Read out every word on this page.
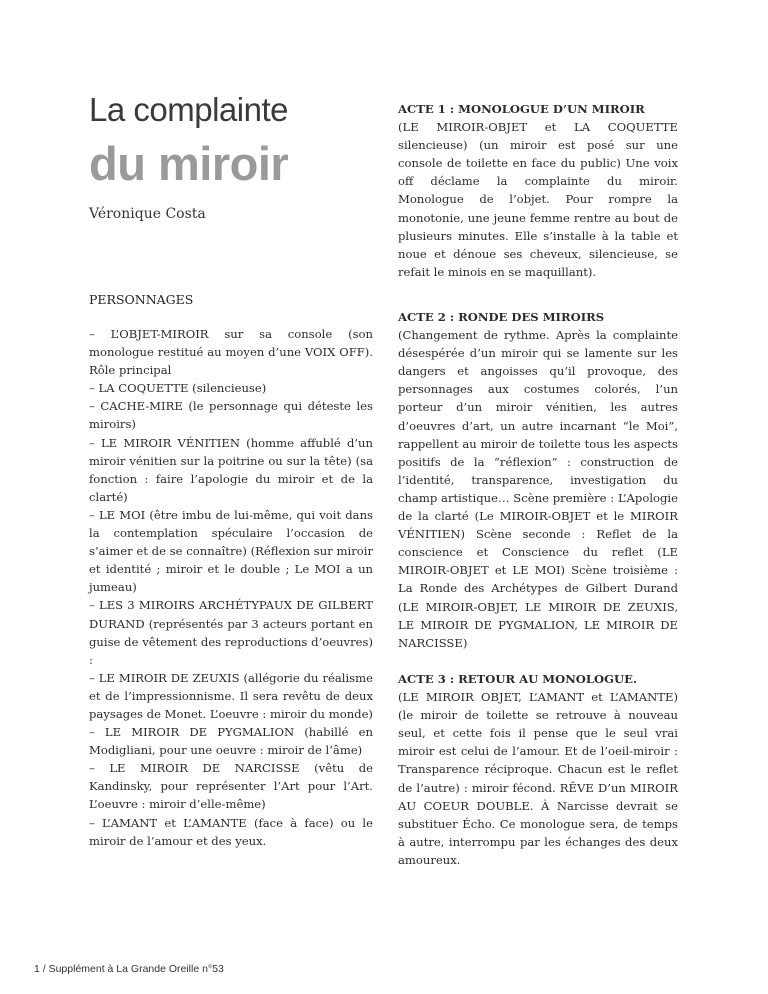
La complainte
du miroir
Véronique Costa
PERSONNAGES
– L’OBJET-MIROIR sur sa console (son monologue restitué au moyen d’une VOIX OFF). Rôle principal
– LA COQUETTE (silencieuse)
– CACHE-MIRE (le personnage qui déteste les miroirs)
– LE MIROIR VÉNITIEN (homme affublé d’un miroir vénitien sur la poitrine ou sur la tête) (sa fonction : faire l’apologie du miroir et de la clarté)
– LE MOI (être imbu de lui-même, qui voit dans la contemplation spéculaire l’occasion de s’aimer et de se connaître) (Réflexion sur miroir et identité ; miroir et le double ; Le MOI a un jumeau)
– LES 3 MIROIRS ARCHÉTYPAUX DE GILBERT DURAND (représentés par 3 acteurs portant en guise de vêtement des reproductions d’oeuvres) :
– LE MIROIR DE ZEUXIS (allégorie du réalisme et de l’impressionnisme. Il sera revêtu de deux paysages de Monet. L’oeuvre : miroir du monde)
– LE MIROIR DE PYGMALION (habillé en Modigliani, pour une oeuvre : miroir de l’âme)
– LE MIROIR DE NARCISSE (vêtu de Kandinsky, pour représenter l’Art pour l’Art. L’oeuvre : miroir d’elle-même)
– L’AMANT et L’AMANTE (face à face) ou le miroir de l’amour et des yeux.
ACTE 1 : MONOLOGUE D’UN MIROIR

(LE MIROIR-OBJET et LA COQUETTE silencieuse) (un miroir est posé sur une console de toilette en face du public) Une voix off déclame la complainte du miroir. Monologue de l’objet. Pour rompre la monotonie, une jeune femme rentre au bout de plusieurs minutes. Elle s’installe à la table et noue et dénoue ses cheveux, silencieuse, se refait le minois en se maquillant).

ACTE 2 : RONDE DES MIROIRS

(Changement de rythme. Après la complainte désespérée d’un miroir qui se lamente sur les dangers et angoisses qu’il provoque, des personnages aux costumes colorés, l’un porteur d’un miroir vénitien, les autres d’oeuvres d’art, un autre incarnant “le Moi”, rappellent au miroir de toilette tous les aspects positifs de la “réflexion” : construction de l’identité, transparence, investigation du champ artistique… Scène première : L’Apologie de la clarté (Le MIROIR-OBJET et le MIROIR VÉNITIEN) Scène seconde : Reflet de la conscience et Conscience du reflet (LE MIROIR-OBJET et LE MOI) Scène troisième : La Ronde des Archétypes de Gilbert Durand (LE MIROIR-OBJET, LE MIROIR DE ZEUXIS, LE MIROIR DE PYGMALION, LE MIROIR DE NARCISSE)

ACTE 3 : RETOUR AU MONOLOGUE.

(LE MIROIR OBJET, L’AMANT et L’AMANTE) (le miroir de toilette se retrouve à nouveau seul, et cette fois il pense que le seul vrai miroir est celui de l’amour. Et de l’oeil-miroir : Transparence réciproque. Chacun est le reflet de l’autre) : miroir fécond. RÊVE D’un MIROIR AU COEUR DOUBLE. À Narcisse devrait se substituer Écho. Ce monologue sera, de temps à autre, interrompu par les échanges des deux amoureux.

1 / Supplément à La Grande Oreille n°53
